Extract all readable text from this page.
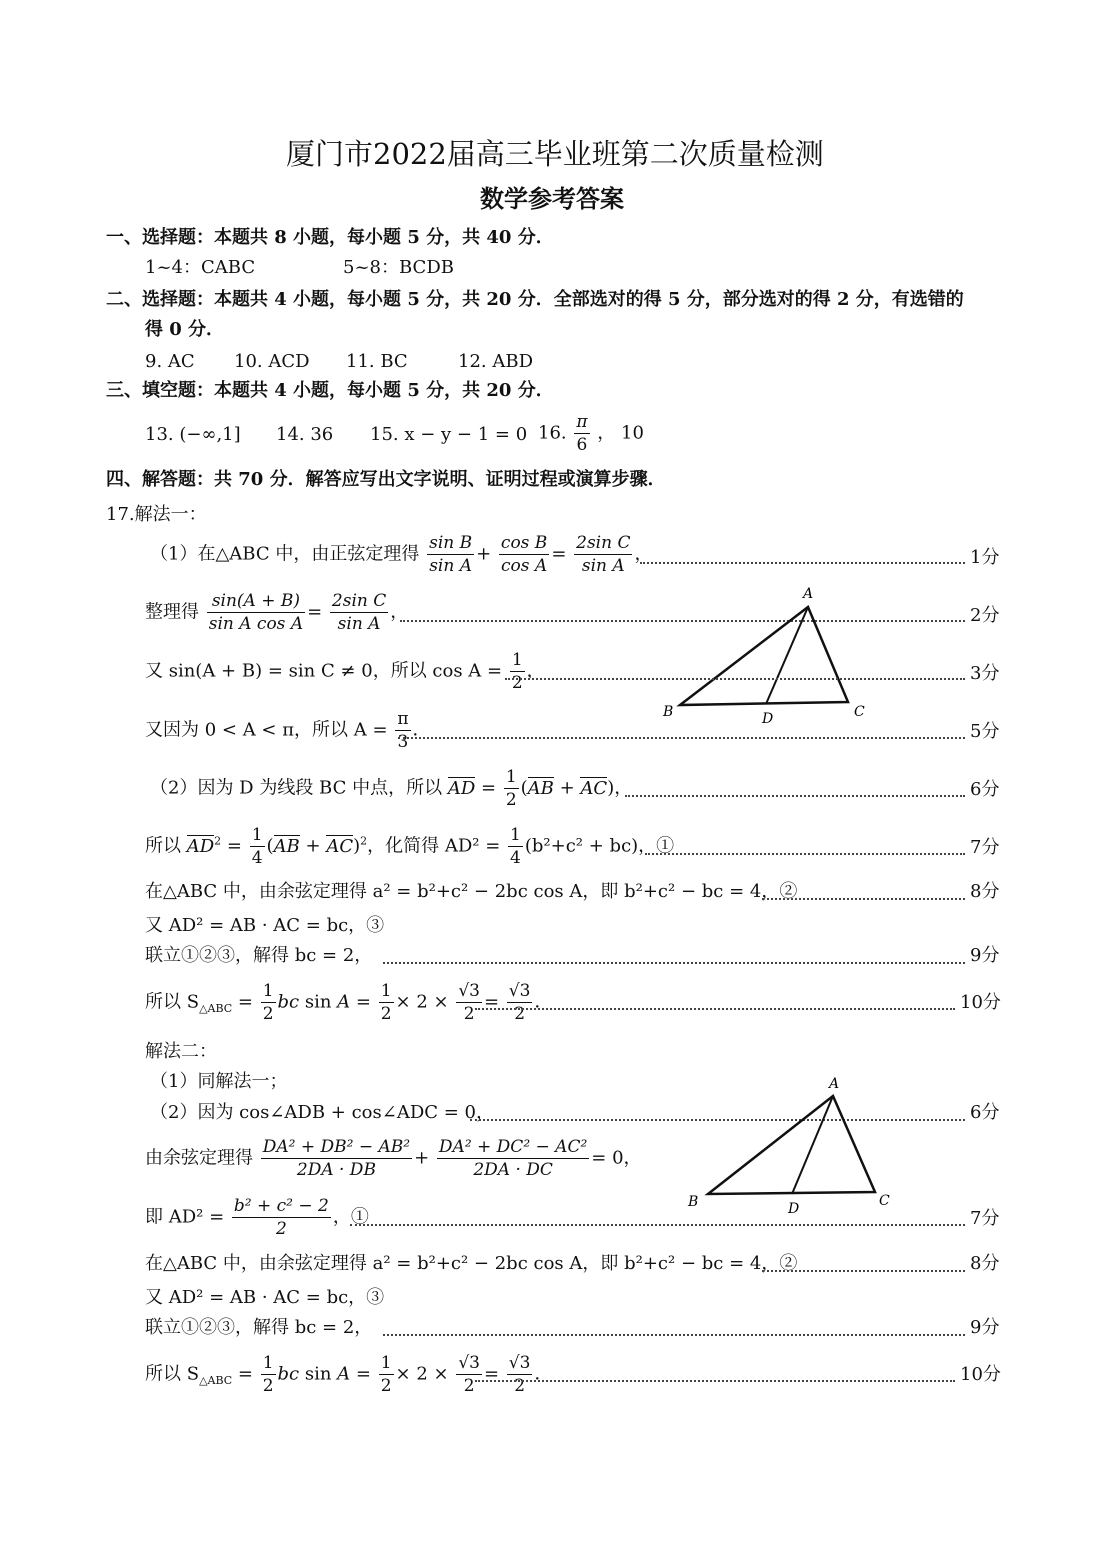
厦门市2022届高三毕业班第二次质量检测
数学参考答案
一、选择题：本题共 8 小题，每小题 5 分，共 40 分．
1~4：CABC	5~8：BCDB
二、选择题：本题共 4 小题，每小题 5 分，共 20 分．全部选对的得 5 分，部分选对的得 2 分，有选错的
得 0 分．
9. AC 10. ACD 11. BC	12. ABD
三、填空题：本题共 4 小题，每小题 5 分，共 20 分．
13. (−∞,1] 14. 36 15. x − y − 1 = 0 16. $\frac{\pi}{6}$ ， 10
四、解答题：共 70 分．解答应写出文字说明、证明过程或演算步骤．
17.解法一：
（1）在△ABC 中，由正弦定理得 $\frac{\text{sin B}}{\text{sin A}} + \frac{\text{cos B}}{\text{cos A}} = \frac{\text{2sin C}}{\text{sin A}}$ ，	1分
整理得 $\frac{\sin(A + B)}{\text{sin A cos A}} = \frac{\text{2sin C}}{\text{sin A}}$ ，	2分
A
B	D	C
又 sin(A + B) = sin C ≠ 0，所以 $\cos A = \frac{1}{2}$ ，	3分
又因为 0 < A < π，所以 $A = \frac{\pi}{3}$ ．	5分
（2）因为 D 为线段 BC 中点，所以 AD = $\frac{1}{2} (AB + AC)$，	6分
所以 $AD^2 = \frac{1}{4} (AB + AC)^2$，化简得 $AD^2 = \frac{1}{4} (b^2+c^2 + bc)$，①	7分
在△ABC 中，由余弦定理得 a² = b²+c² − 2bc cos A，即 b²+c² − bc = 4，②	8分
又 AD² = AB · AC = bc，③
联立①②③，解得 bc = 2，	9分
所以 $S_{\triangle ABC} = \frac{1}{2}$ bc $\sin A = \frac{1}{2} \times 2 \times \frac{√3}{2} = \frac{√3}{2}$ ．	10分
解法二：
（1）同解法一；
（2）因为 cos∠ADB + cos∠ADC = 0，	6分
A
B	D	C
由余弦定理得 $\frac{\text{DA² + DB² − AB²}}{2DA \cdot DB} + \frac{\text{DA² + DC² − AC²}}{2DA \cdot DC} = 0$，
即 $AD^2 = \frac{\text{b² + c² − 2}}{2}$ ，①	7分
在△ABC 中，由余弦定理得 a² = b²+c² − 2bc cos A，即 b²+c² − bc = 4，②	8分
又 AD² = AB · AC = bc，③
联立①②③，解得 bc = 2，	9分
所以 $S_{\triangle ABC} = \frac{1}{2}$ bc $\sin A = \frac{1}{2} \times 2 \times \frac{√3}{2} = \frac{√3}{2}$ ．	10分
